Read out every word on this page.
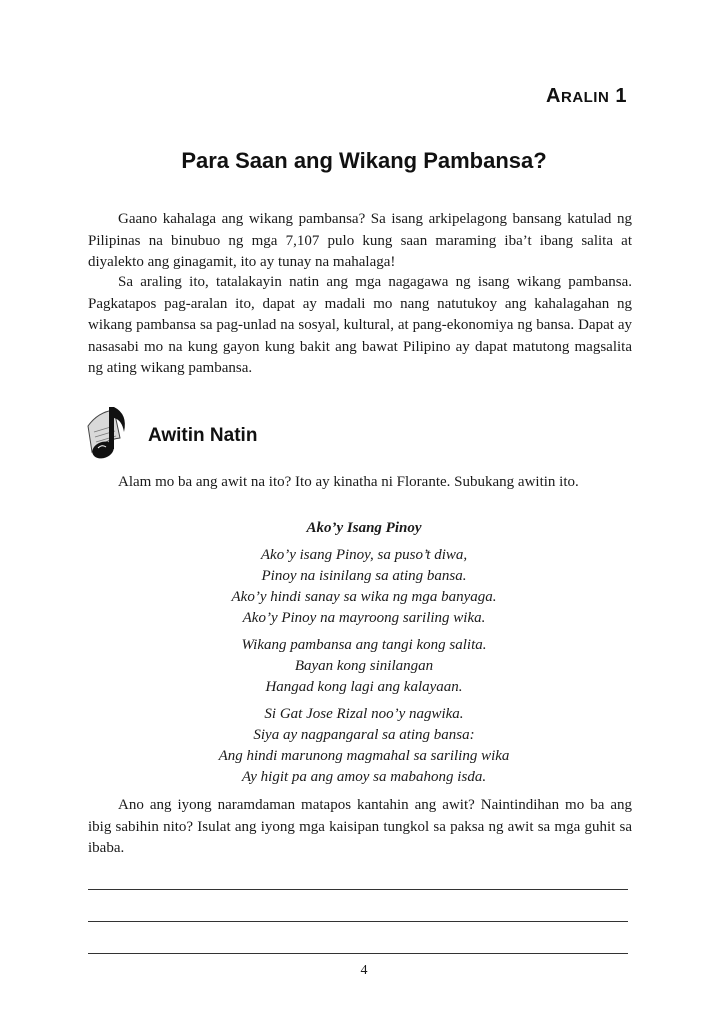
ARALIN 1
Para Saan ang Wikang Pambansa?
Gaano kahalaga ang wikang pambansa? Sa isang arkipelagong bansang katulad ng Pilipinas na binubuo ng mga 7,107 pulo kung saan maraming iba’t ibang salita at diyalekto ang ginagamit, ito ay tunay na mahalaga!
Sa araling ito, tatalakayin natin ang mga nagagawa ng isang wikang pambansa. Pagkatapos pag-aralan ito, dapat ay madali mo nang natutukoy ang kahalagahan ng wikang pambansa sa pag-unlad na sosyal, kultural, at pang-ekonomiya ng bansa. Dapat ay nasasabi mo na kung gayon kung bakit ang bawat Pilipino ay dapat matutong magsalita ng ating wikang pambansa.
Awitin Natin
Alam mo ba ang awit na ito? Ito ay kinatha ni Florante. Subukang awitin ito.
Ako’y Isang Pinoy
Ako’y isang Pinoy, sa puso’t diwa,
Pinoy na isinilang sa ating bansa.
Ako’y hindi sanay sa wika ng mga banyaga.
Ako’y Pinoy na mayroong sariling wika.
Wikang pambansa ang tangi kong salita.
Bayan kong sinilangan
Hangad kong lagi ang kalayaan.
Si Gat Jose Rizal noo’y nagwika.
Siya ay nagpangaral sa ating bansa:
Ang hindi marunong magmahal sa sariling wika
Ay higit pa ang amoy sa mabahong isda.
Ano ang iyong naramdaman matapos kantahin ang awit? Naintindihan mo ba ang ibig sabihin nito? Isulat ang iyong mga kaisipan tungkol sa paksa ng awit sa mga guhit sa ibaba.
4
